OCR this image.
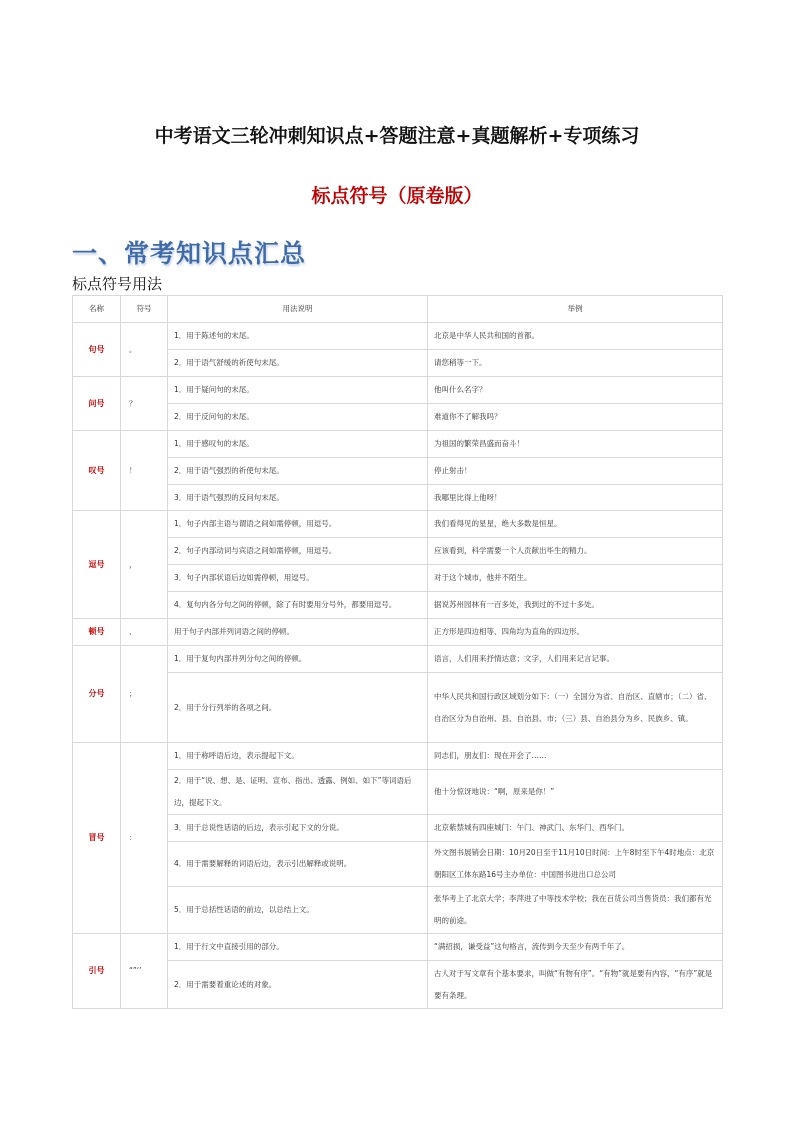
中考语文三轮冲刺知识点+答题注意+真题解析+专项练习
标点符号（原卷版）
一、常考知识点汇总
标点符号用法
名称	符号	用法说明	举例
句号	。	1．用于陈述句的末尾。	北京是中华人民共和国的首都。
		2．用于语气舒缓的祈使句末尾。	请您稍等一下。
问号	？	1．用于疑问句的末尾。	他叫什么名字？
		2．用于反问句的末尾。	难道你不了解我吗？
叹号	！	1．用于感叹句的末尾。	为祖国的繁荣昌盛而奋斗！
		2．用于语气强烈的祈使句末尾。	停止射击！
		3．用于语气强烈的反问句末尾。	我哪里比得上他呀！
逗号	，	1．句子内部主语与谓语之间如需停顿，用逗号。	我们看得见的星星，绝大多数是恒星。
		2．句子内部动词与宾语之间如需停顿，用逗号。	应该看到，科学需要一个人贡献出毕生的精力。
		3．句子内部状语后边如需停顿，用逗号。	对于这个城市，他并不陌生。
		4．复句内各分句之间的停顿，除了有时要用分号外，都要用逗号。	据说苏州园林有一百多处，我到过的不过十多处。
顿号	、	用于句子内部并列词语之间的停顿。	正方形是四边相等、四角均为直角的四边形。
分号	；	1．用于复句内部并列分句之间的停顿。	语言，人们用来抒情达意；文字，人们用来记言记事。
		2．用于分行列举的各项之间。	中华人民共和国行政区域划分如下：（一）全国分为省、自治区、直辖市；（二）省、自治区分为自治州、县、自治县、市；（三）县、自治县分为乡、民族乡、镇。
冒号	：	1．用于称呼语后边，表示提起下文。	同志们，朋友们：现在开会了……
		2．用于“说、想、是、证明、宣布、指出、透露、例如、如下”等词语后边，提起下文。	他十分惊讶地说：“啊，原来是你！”
		3．用于总说性话语的后边，表示引起下文的分说。	北京紫禁城有四座城门：午门、神武门、东华门、西华门。
		4．用于需要解释的词语后边，表示引出解释或说明。	外文图书展销会日期：10月20日至于11月10日时间：上午8时至下午4时地点：北京朝阳区工体东路16号主办单位：中国图书进出口总公司
		5．用于总括性话语的前边，以总结上文。	张华考上了北京大学；李萍进了中等技术学校；我在百货公司当售货员：我们都有光明的前途。
引号	“”‘’	1．用于行文中直接引用的部分。	“满招损，谦受益”这句格言，流传到今天至少有两千年了。
		2．用于需要着重论述的对象。	古人对于写文章有个基本要求，叫做“有物有序”。“有物”就是要有内容，“有序”就是要有条理。
